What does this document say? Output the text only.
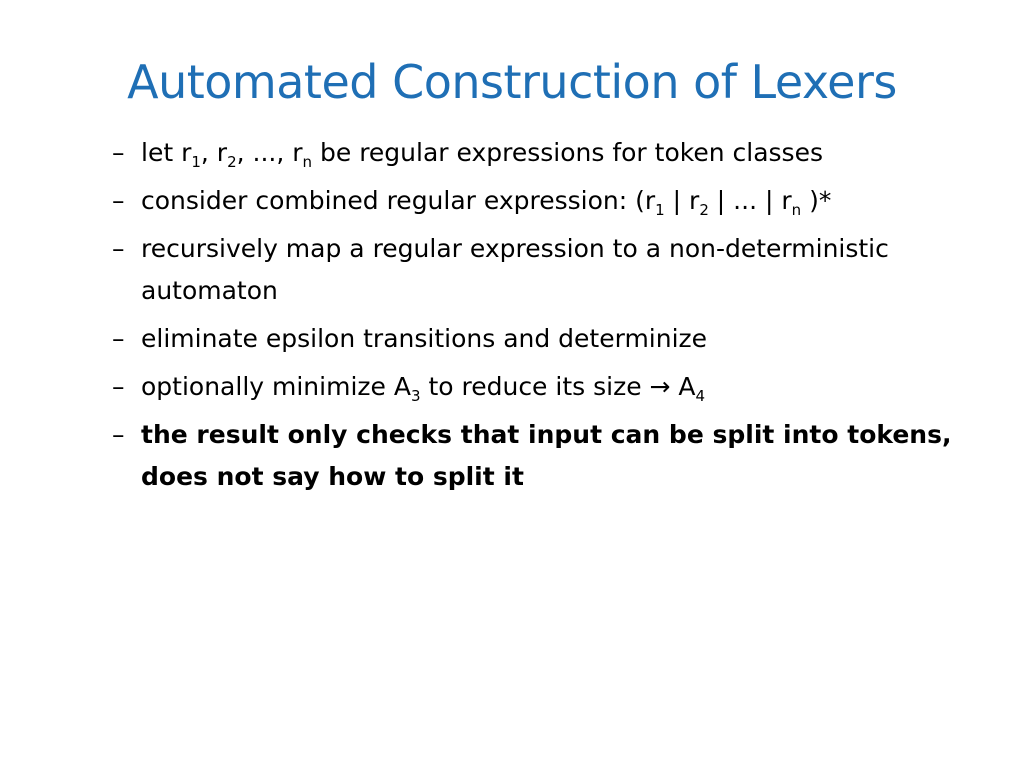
Automated Construction of Lexers
– let $r_1$, $r_2$, ..., $r_n$ be regular expressions for token classes
– consider combined regular expression: ($r_1$ | $r_2$ | ... | $r_n$ )*
– recursively map a regular expression to a non-deterministic automaton
– eliminate epsilon transitions and determinize
– optionally minimize $A_3$ to reduce its size → $A_4$
– the result only checks that input can be split into tokens, does not say how to split it
